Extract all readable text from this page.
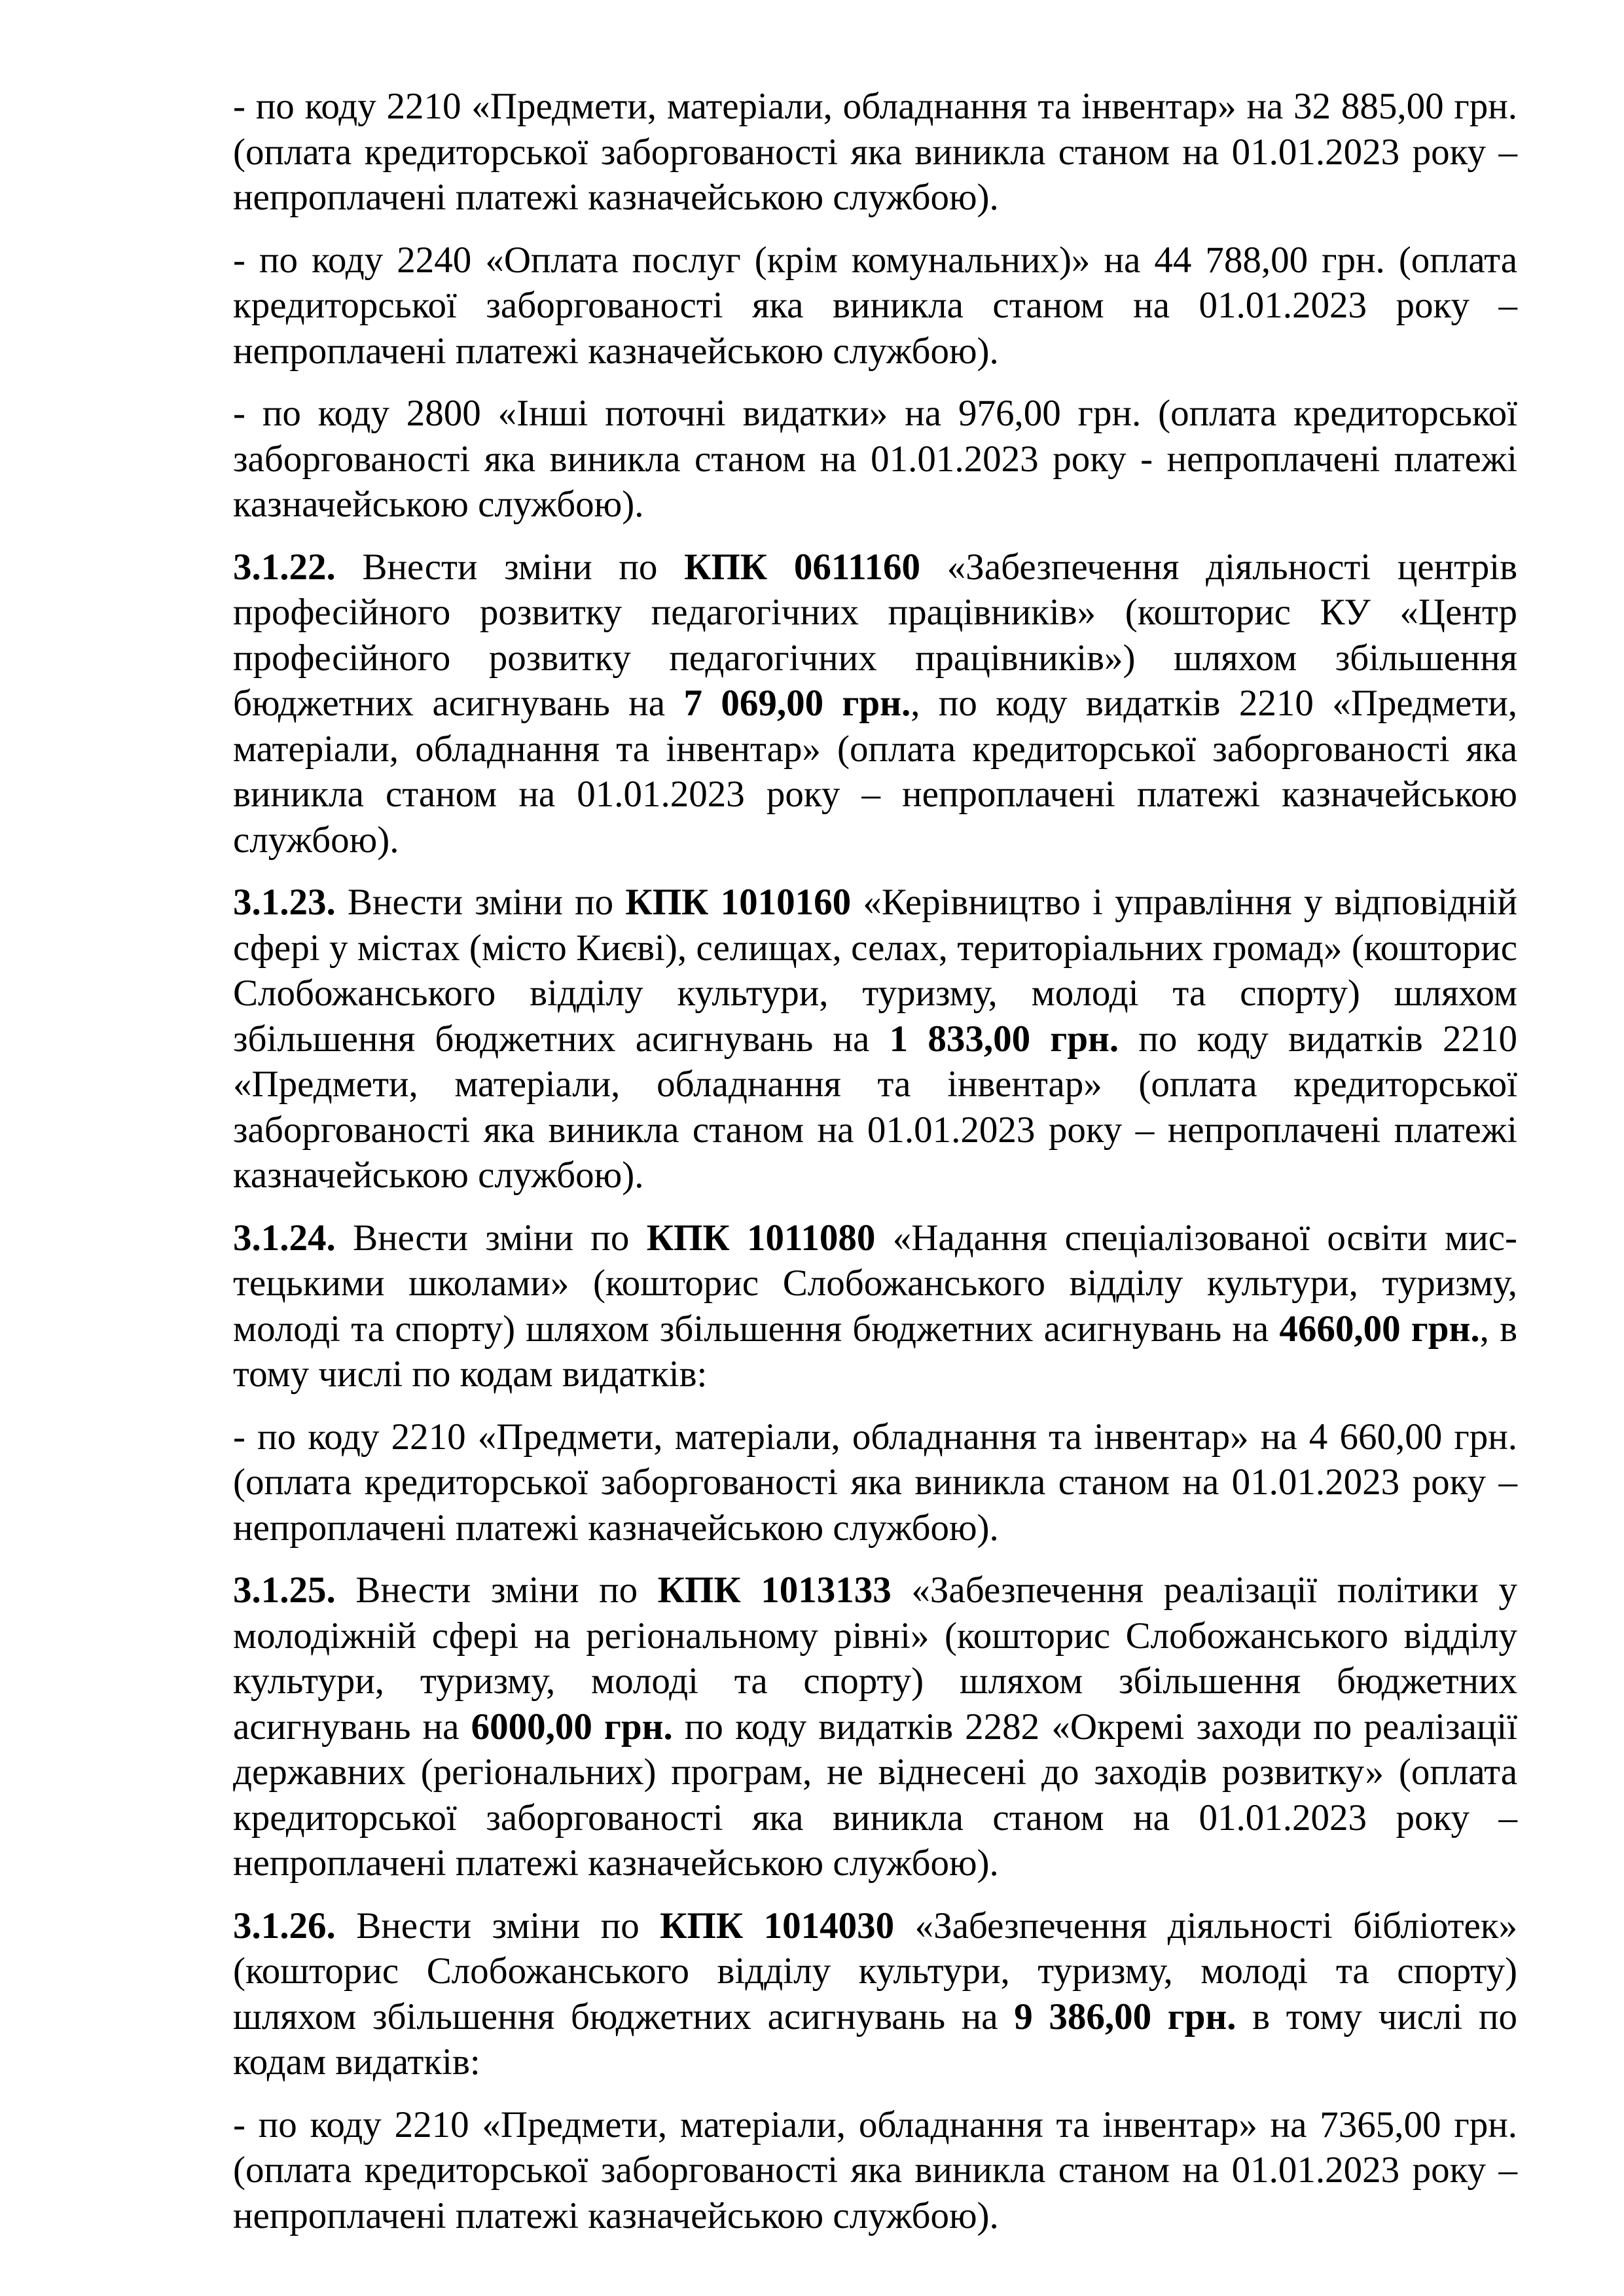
- по коду 2210 «Предмети, матеріали, обладнання та інвентар» на 32 885,00 грн. (оплата кредиторської заборгованості яка виникла станом на 01.01.2023 року – непроплачені платежі казначейською службою).

- по коду 2240 «Оплата послуг (крім комунальних)» на 44 788,00 грн. (оплата кредиторської заборгованості яка виникла станом на 01.01.2023 року – непроплачені платежі казначейською службою).

- по коду 2800 «Інші поточні видатки» на 976,00 грн. (оплата кредиторської заборгованості яка виникла станом на 01.01.2023 року - непроплачені платежі казначейською службою).

3.1.22. Внести зміни по КПК 0611160 «Забезпечення діяльності центрів професійного розвитку педагогічних працівників» (кошторис КУ «Центр професійного розвитку педагогічних працівників») шляхом збільшення бюджетних асигнувань на 7 069,00 грн., по коду видатків 2210 «Предмети, матеріали, обладнання та інвентар» (оплата кредиторської заборгованості яка виникла станом на 01.01.2023 року – непроплачені платежі казначейською службою).

3.1.23. Внести зміни по КПК 1010160 «Керівництво і управління у відповідній сфері у містах (місто Києві), селищах, селах, територіальних громад» (кошторис Слобожанського відділу культури, туризму, молоді та спорту) шляхом збільшення бюджетних асигнувань на 1 833,00 грн. по коду видатків 2210 «Предмети, матеріали, обладнання та інвентар» (оплата кредиторської заборгованості яка виникла станом на 01.01.2023 року – непроплачені платежі казначейською службою).

3.1.24. Внести зміни по КПК 1011080 «Надання спеціалізованої освіти мис-тецькими школами» (кошторис Слобожанського відділу культури, туризму, молоді та спорту) шляхом збільшення бюджетних асигнувань на 4660,00 грн., в тому числі по кодам видатків:

- по коду 2210 «Предмети, матеріали, обладнання та інвентар» на 4 660,00 грн. (оплата кредиторської заборгованості яка виникла станом на 01.01.2023 року – непроплачені платежі казначейською службою).

3.1.25. Внести зміни по КПК 1013133 «Забезпечення реалізації політики у молодіжній сфері на регіональному рівні» (кошторис Слобожанського відділу культури, туризму, молоді та спорту) шляхом збільшення бюджетних асигнувань на 6000,00 грн. по коду видатків 2282 «Окремі заходи по реалізації державних (регіональних) програм, не віднесені до заходів розвитку» (оплата кредиторської заборгованості яка виникла станом на 01.01.2023 року – непроплачені платежі казначейською службою).

3.1.26. Внести зміни по КПК 1014030 «Забезпечення діяльності бібліотек» (кошторис Слобожанського відділу культури, туризму, молоді та спорту) шляхом збільшення бюджетних асигнувань на 9 386,00 грн. в тому числі по кодам видатків:

- по коду 2210 «Предмети, матеріали, обладнання та інвентар» на 7365,00 грн. (оплата кредиторської заборгованості яка виникла станом на 01.01.2023 року – непроплачені платежі казначейською службою).
